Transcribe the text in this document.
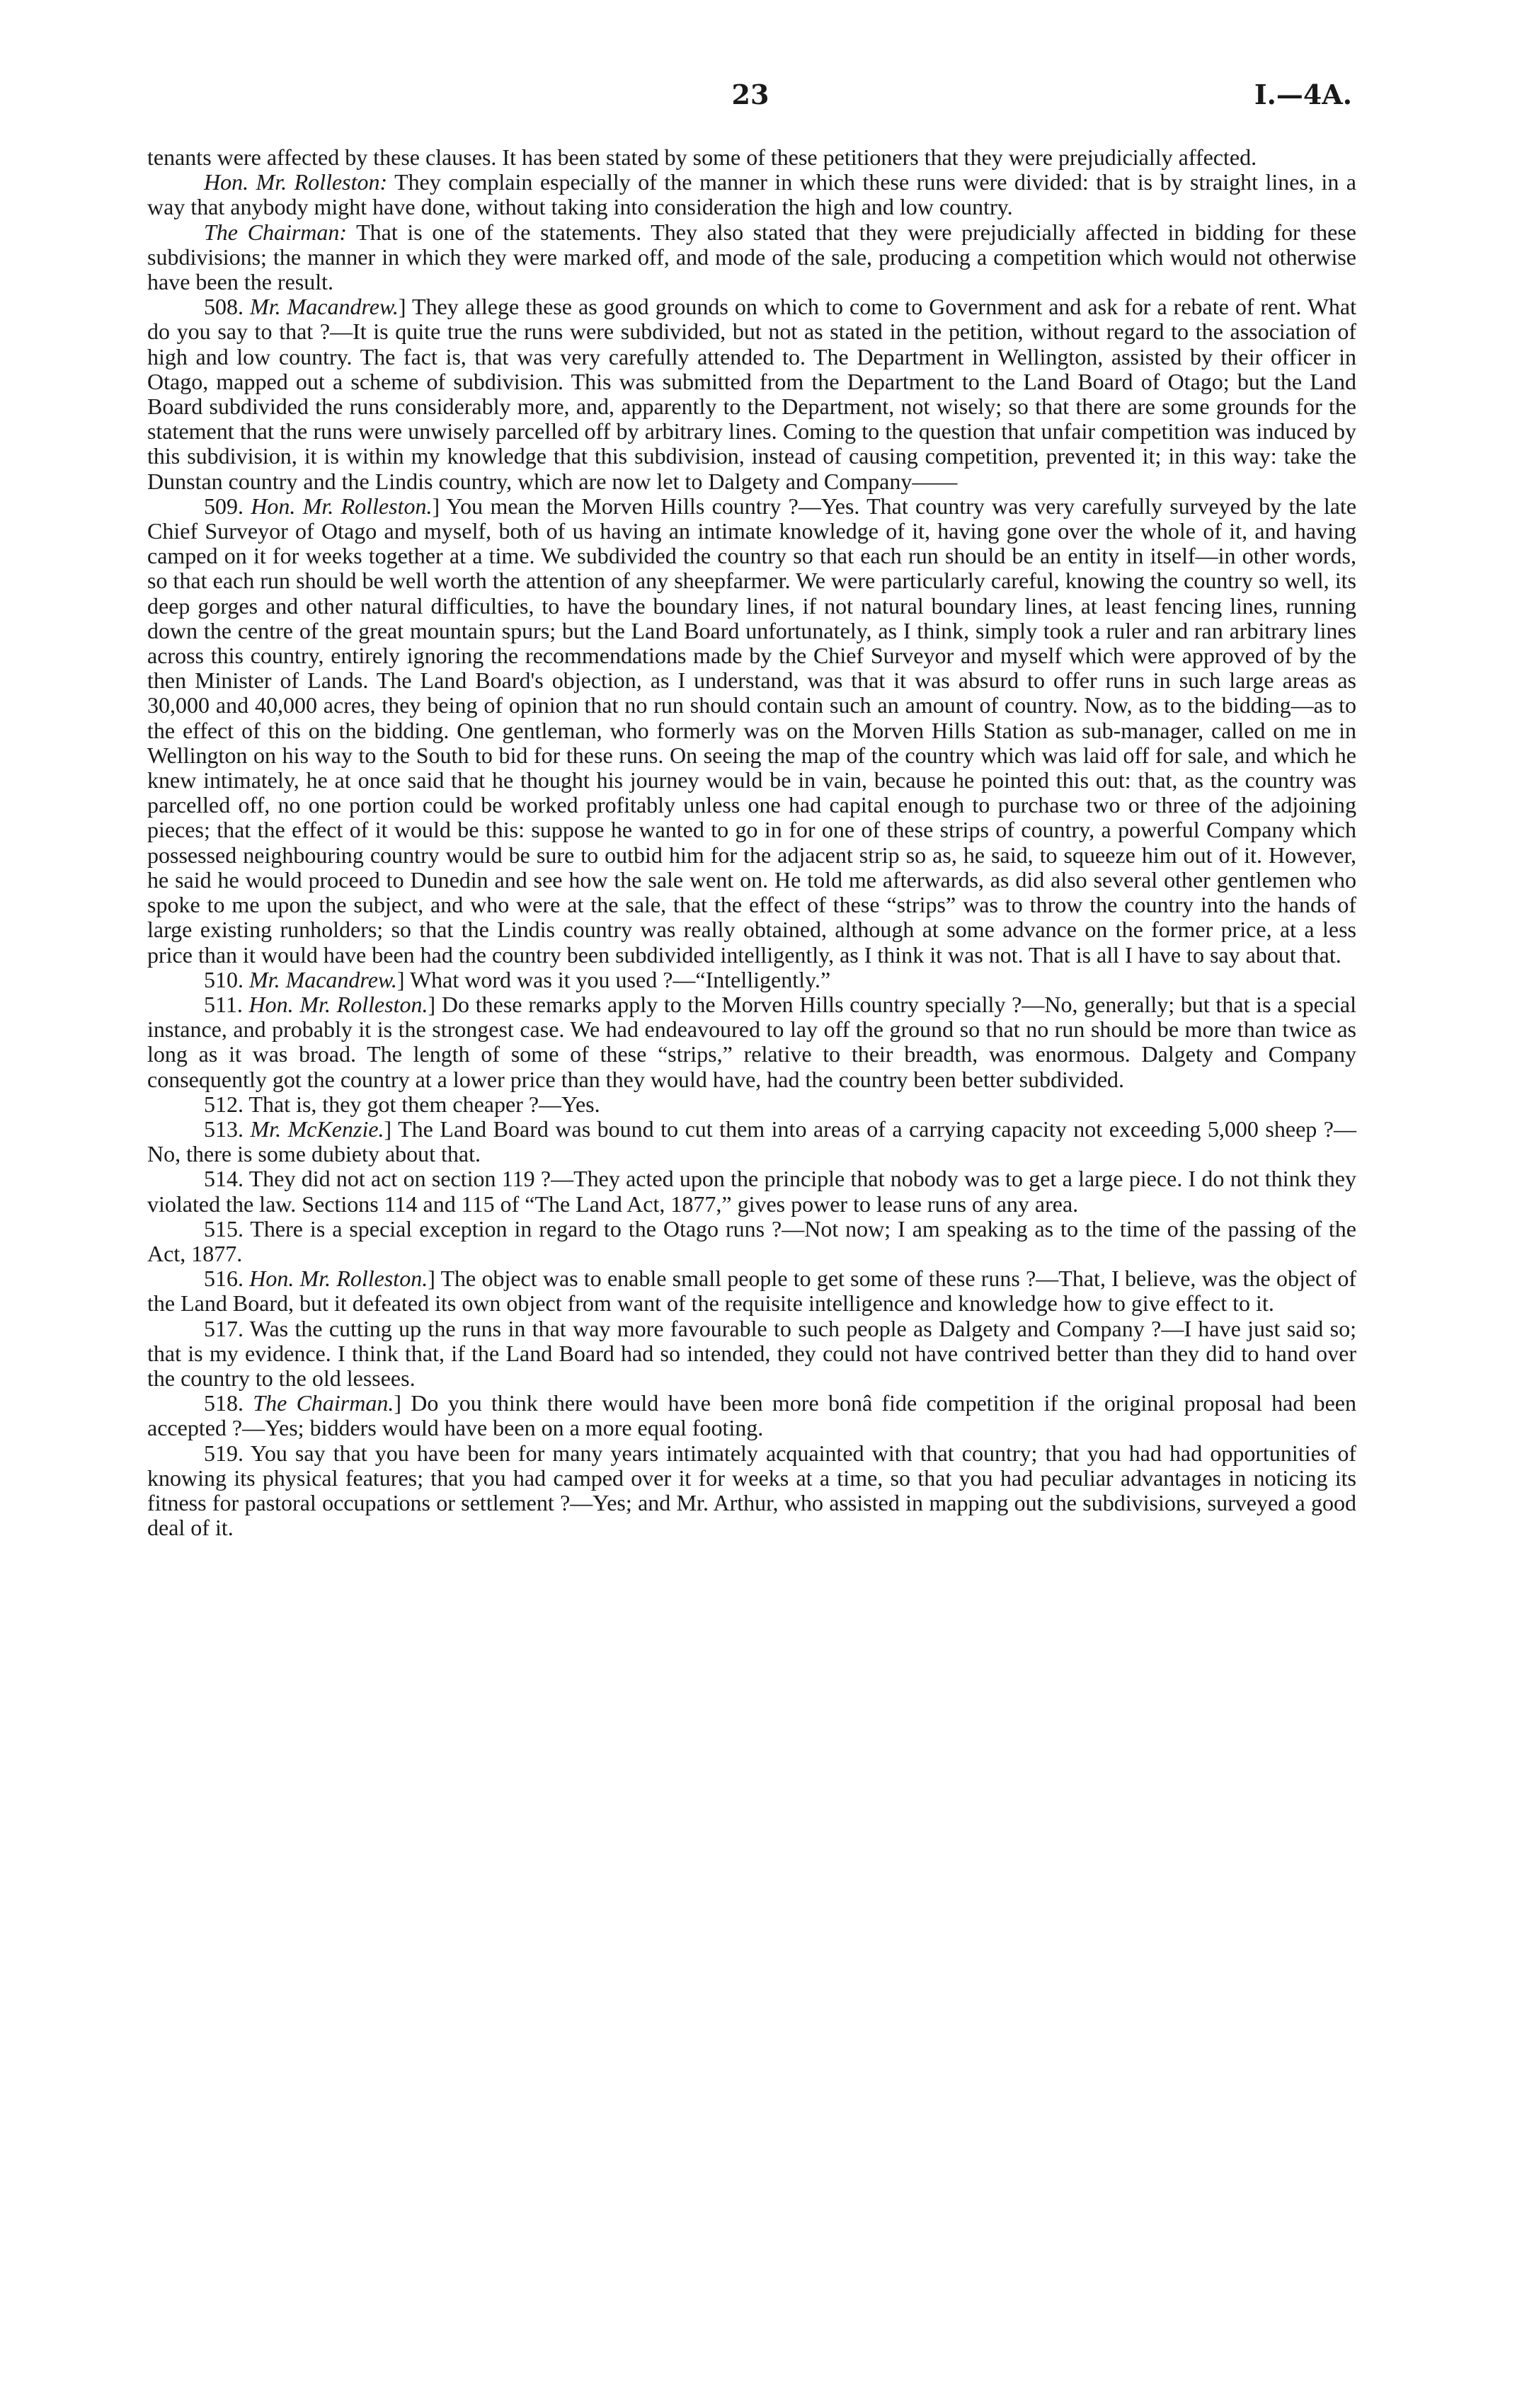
23	I.—4A.

tenants were affected by these clauses. It has been stated by some of these petitioners that they were prejudicially affected.

Hon. Mr. Rolleston: They complain especially of the manner in which these runs were divided: that is by straight lines, in a way that anybody might have done, without taking into consideration the high and low country.

The Chairman: That is one of the statements. They also stated that they were prejudicially affected in bidding for these subdivisions; the manner in which they were marked off, and mode of the sale, producing a competition which would not otherwise have been the result.

508. Mr. Macandrew.] They allege these as good grounds on which to come to Government and ask for a rebate of rent. What do you say to that ?—It is quite true the runs were subdivided, but not as stated in the petition, without regard to the association of high and low country. The fact is, that was very carefully attended to. The Department in Wellington, assisted by their officer in Otago, mapped out a scheme of subdivision. This was submitted from the Department to the Land Board of Otago; but the Land Board subdivided the runs considerably more, and, apparently to the Department, not wisely; so that there are some grounds for the statement that the runs were unwisely parcelled off by arbitrary lines. Coming to the question that unfair competition was induced by this subdivision, it is within my knowledge that this subdivision, instead of causing competition, prevented it; in this way: take the Dunstan country and the Lindis country, which are now let to Dalgety and Company——

509. Hon. Mr. Rolleston.] You mean the Morven Hills country ?—Yes. That country was very carefully surveyed by the late Chief Surveyor of Otago and myself, both of us having an intimate knowledge of it, having gone over the whole of it, and having camped on it for weeks together at a time. We subdivided the country so that each run should be an entity in itself—in other words, so that each run should be well worth the attention of any sheepfarmer. We were particularly careful, knowing the country so well, its deep gorges and other natural difficulties, to have the boundary lines, if not natural boundary lines, at least fencing lines, running down the centre of the great mountain spurs; but the Land Board unfortunately, as I think, simply took a ruler and ran arbitrary lines across this country, entirely ignoring the recommendations made by the Chief Surveyor and myself which were approved of by the then Minister of Lands. The Land Board's objection, as I understand, was that it was absurd to offer runs in such large areas as 30,000 and 40,000 acres, they being of opinion that no run should contain such an amount of country. Now, as to the bidding—as to the effect of this on the bidding. One gentleman, who formerly was on the Morven Hills Station as sub-manager, called on me in Wellington on his way to the South to bid for these runs. On seeing the map of the country which was laid off for sale, and which he knew intimately, he at once said that he thought his journey would be in vain, because he pointed this out: that, as the country was parcelled off, no one portion could be worked profitably unless one had capital enough to purchase two or three of the adjoining pieces; that the effect of it would be this: suppose he wanted to go in for one of these strips of country, a powerful Company which possessed neighbouring country would be sure to outbid him for the adjacent strip so as, he said, to squeeze him out of it. However, he said he would proceed to Dunedin and see how the sale went on. He told me afterwards, as did also several other gentlemen who spoke to me upon the subject, and who were at the sale, that the effect of these “strips” was to throw the country into the hands of large existing runholders; so that the Lindis country was really obtained, although at some advance on the former price, at a less price than it would have been had the country been subdivided intelligently, as I think it was not. That is all I have to say about that.

510. Mr. Macandrew.] What word was it you used ?—“Intelligently.”

511. Hon. Mr. Rolleston.] Do these remarks apply to the Morven Hills country specially ?—No, generally; but that is a special instance, and probably it is the strongest case. We had endeavoured to lay off the ground so that no run should be more than twice as long as it was broad. The length of some of these “strips,” relative to their breadth, was enormous. Dalgety and Company consequently got the country at a lower price than they would have, had the country been better subdivided.

512. That is, they got them cheaper ?—Yes.

513. Mr. McKenzie.] The Land Board was bound to cut them into areas of a carrying capacity not exceeding 5,000 sheep ?—No, there is some dubiety about that.

514. They did not act on section 119 ?—They acted upon the principle that nobody was to get a large piece. I do not think they violated the law. Sections 114 and 115 of “The Land Act, 1877,” gives power to lease runs of any area.

515. There is a special exception in regard to the Otago runs ?—Not now; I am speaking as to the time of the passing of the Act, 1877.

516. Hon. Mr. Rolleston.] The object was to enable small people to get some of these runs ?—That, I believe, was the object of the Land Board, but it defeated its own object from want of the requisite intelligence and knowledge how to give effect to it.

517. Was the cutting up the runs in that way more favourable to such people as Dalgety and Company ?—I have just said so; that is my evidence. I think that, if the Land Board had so intended, they could not have contrived better than they did to hand over the country to the old lessees.

518. The Chairman.] Do you think there would have been more bonâ fide competition if the original proposal had been accepted ?—Yes; bidders would have been on a more equal footing.

519. You say that you have been for many years intimately acquainted with that country; that you had had opportunities of knowing its physical features; that you had camped over it for weeks at a time, so that you had peculiar advantages in noticing its fitness for pastoral occupations or settlement ?—Yes; and Mr. Arthur, who assisted in mapping out the subdivisions, surveyed a good deal of it.
